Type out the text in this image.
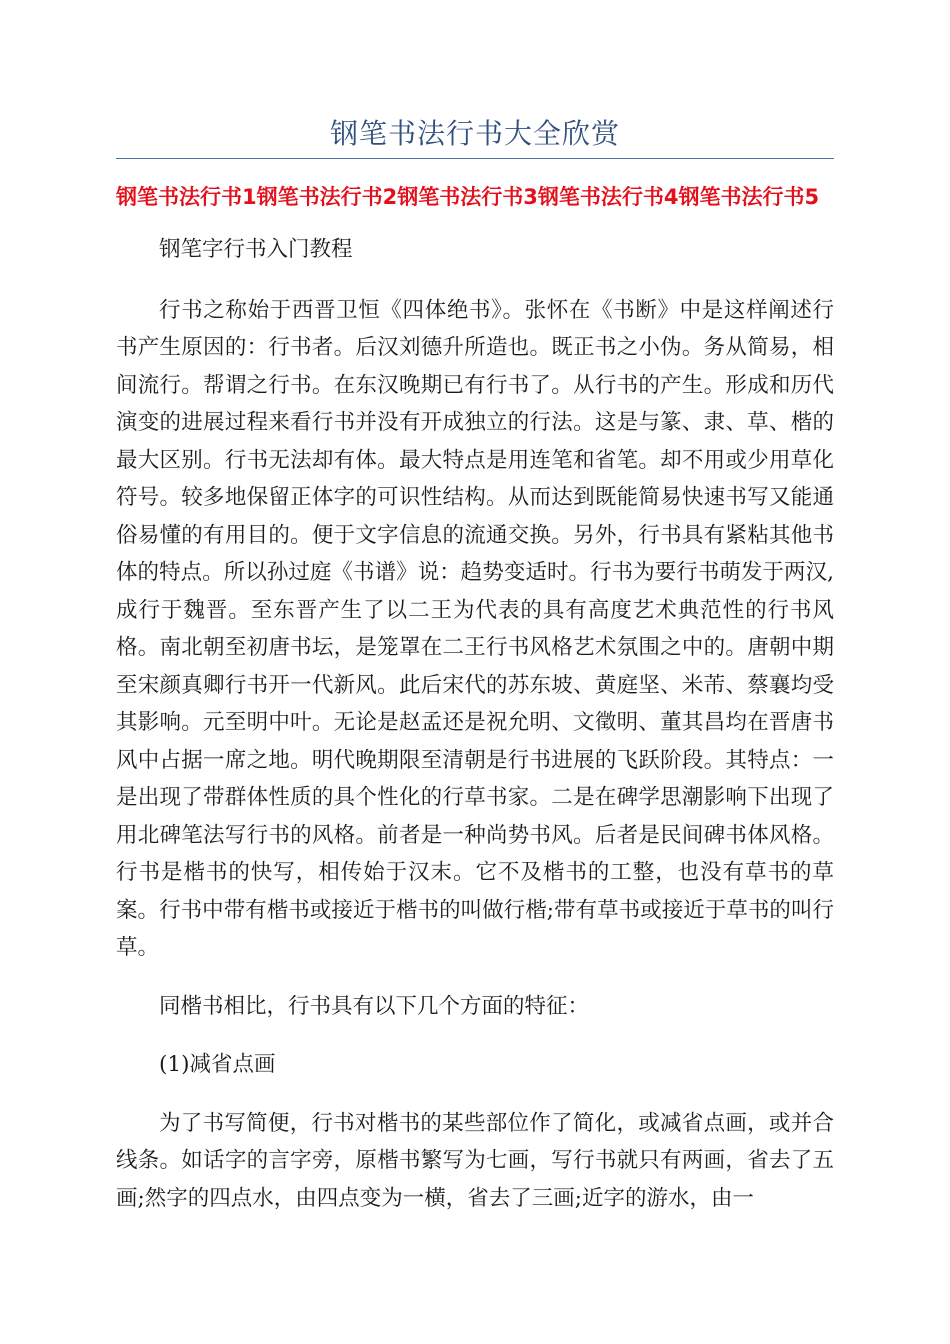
钢笔书法行书大全欣赏

钢笔书法行书1钢笔书法行书2钢笔书法行书3钢笔书法行书4钢笔书法行书5

钢笔字行书入门教程

行书之称始于西晋卫恒《四体绝书》。张怀在《书断》中是这样阐述行书产生原因的：行书者。后汉刘德升所造也。既正书之小伪。务从简易，相间流行。帮谓之行书。在东汉晚期已有行书了。从行书的产生。形成和历代演变的进展过程来看行书并没有开成独立的行法。这是与篆、隶、草、楷的最大区别。行书无法却有体。最大特点是用连笔和省笔。却不用或少用草化符号。较多地保留正体字的可识性结构。从而达到既能简易快速书写又能通俗易懂的有用目的。便于文字信息的流通交换。另外，行书具有紧粘其他书体的特点。所以孙过庭《书谱》说：趋势变适时。行书为要行书萌发于两汉,成行于魏晋。至东晋产生了以二王为代表的具有高度艺术典范性的行书风格。南北朝至初唐书坛，是笼罩在二王行书风格艺术氛围之中的。唐朝中期至宋颜真卿行书开一代新风。此后宋代的苏东坡、黄庭坚、米芾、蔡襄均受其影响。元至明中叶。无论是赵孟还是祝允明、文徵明、董其昌均在晋唐书风中占据一席之地。明代晚期限至清朝是行书进展的飞跃阶段。其特点：一是出现了带群体性质的具个性化的行草书家。二是在碑学思潮影响下出现了用北碑笔法写行书的风格。前者是一种尚势书风。后者是民间碑书体风格。行书是楷书的快写，相传始于汉末。它不及楷书的工整，也没有草书的草案。行书中带有楷书或接近于楷书的叫做行楷;带有草书或接近于草书的叫行草。

同楷书相比，行书具有以下几个方面的特征：

(1)减省点画

为了书写简便，行书对楷书的某些部位作了简化，或减省点画，或并合线条。如话字的言字旁，原楷书繁写为七画，写行书就只有两画，省去了五画;然字的四点水，由四点变为一横，省去了三画;近字的游水，由一
